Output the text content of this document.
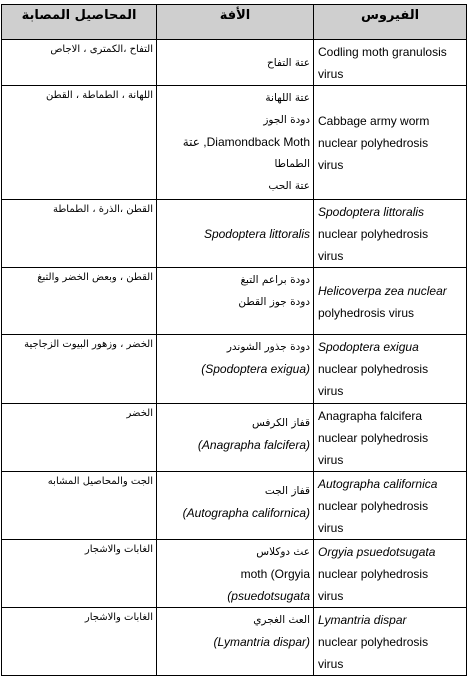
الفيروس	الأفة	المحاصيل المصابة

Codling moth granulosis
virus	عتة التفاح	التفاح ،الكمترى ، الاجاص

Cabbage army worm
nuclear polyhedrosis
virus	عتة اللهانة
دودة الجوز
Diamondback Moth, عتة
الطماطا
عتة الحب	اللهانة ، الطماطة ، القطن

Spodoptera littoralis
nuclear polyhedrosis
virus	Spodoptera littoralis	القطن ،الذرة ، الطماطة

Helicoverpa zea nuclear
polyhedrosis virus	دودة براعم التبغ
دودة جوز القطن	القطن ، وبعض الخضر والتبغ

Spodoptera exigua
nuclear polyhedrosis
virus	دودة جذور الشوندر
(Spodoptera exigua)	الخضر ، وزهور البيوت الزجاجية

Anagrapha falcifera
nuclear polyhedrosis
virus	قفاز الكرفس
(Anagrapha falcifera)	الخضر

Autographa californica
nuclear polyhedrosis
virus	قفاز الجت
(Autographa californica)	الجت والمحاصيل المشابه

Orgyia psuedotsugata
nuclear polyhedrosis
virus	عث دوكلاس
moth (Orgyia
psuedotsugata)	الغابات والاشجار

Lymantria dispar
nuclear polyhedrosis
virus	العث الغجري
(Lymantria dispar)	الغابات والاشجار
